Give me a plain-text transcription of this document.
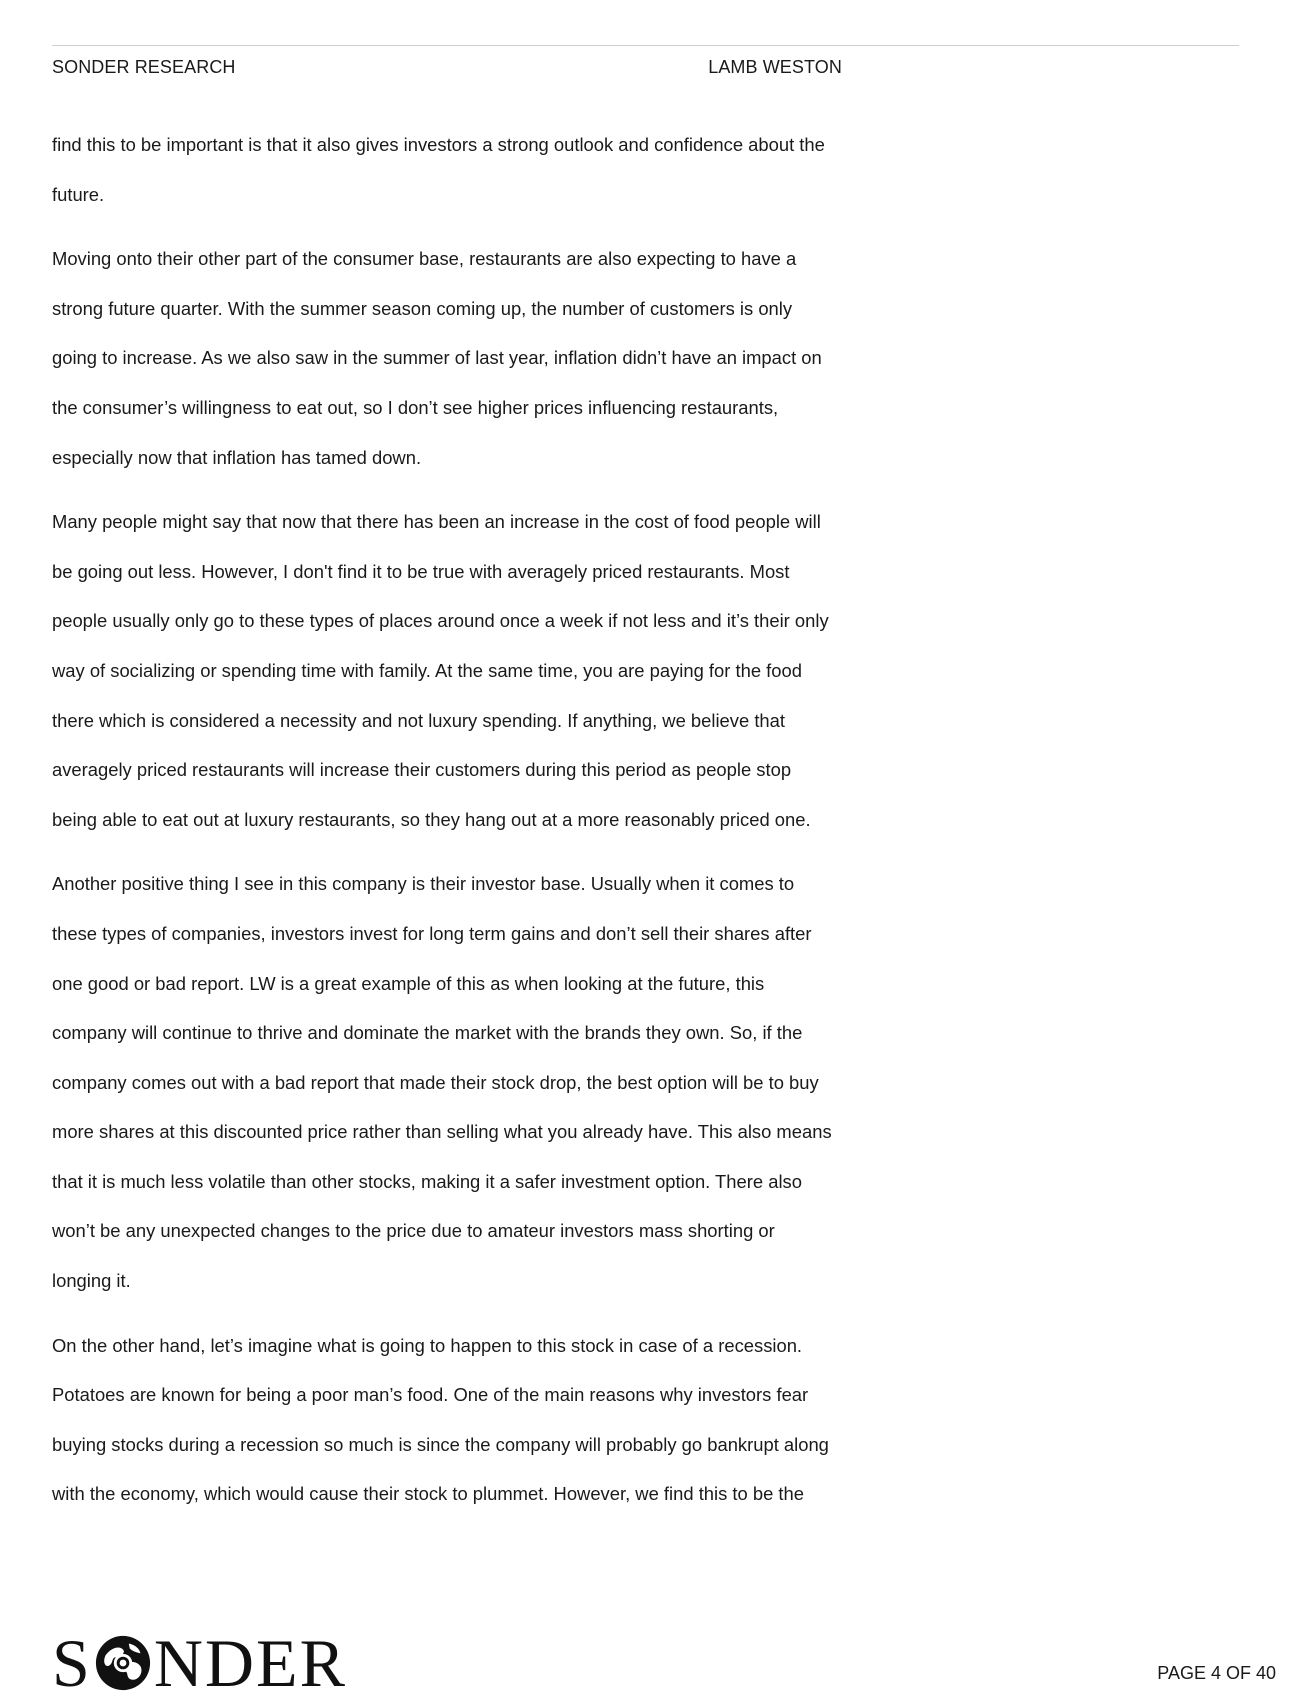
SONDER RESEARCH	LAMB WESTON

find this to be important is that it also gives investors a strong outlook and confidence about the
future.

Moving onto their other part of the consumer base, restaurants are also expecting to have a
strong future quarter. With the summer season coming up, the number of customers is only
going to increase. As we also saw in the summer of last year, inflation didn’t have an impact on
the consumer’s willingness to eat out, so I don’t see higher prices influencing restaurants,
especially now that inflation has tamed down.

Many people might say that now that there has been an increase in the cost of food people will
be going out less. However, I don't find it to be true with averagely priced restaurants. Most
people usually only go to these types of places around once a week if not less and it’s their only
way of socializing or spending time with family. At the same time, you are paying for the food
there which is considered a necessity and not luxury spending. If anything, we believe that
averagely priced restaurants will increase their customers during this period as people stop
being able to eat out at luxury restaurants, so they hang out at a more reasonably priced one.

Another positive thing I see in this company is their investor base. Usually when it comes to
these types of companies, investors invest for long term gains and don’t sell their shares after
one good or bad report. LW is a great example of this as when looking at the future, this
company will continue to thrive and dominate the market with the brands they own. So, if the
company comes out with a bad report that made their stock drop, the best option will be to buy
more shares at this discounted price rather than selling what you already have. This also means
that it is much less volatile than other stocks, making it a safer investment option. There also
won’t be any unexpected changes to the price due to amateur investors mass shorting or
longing it.

On the other hand, let’s imagine what is going to happen to this stock in case of a recession.
Potatoes are known for being a poor man’s food. One of the main reasons why investors fear
buying stocks during a recession so much is since the company will probably go bankrupt along
with the economy, which would cause their stock to plummet. However, we find this to be the

S NDER	PAGE 4 OF 40
